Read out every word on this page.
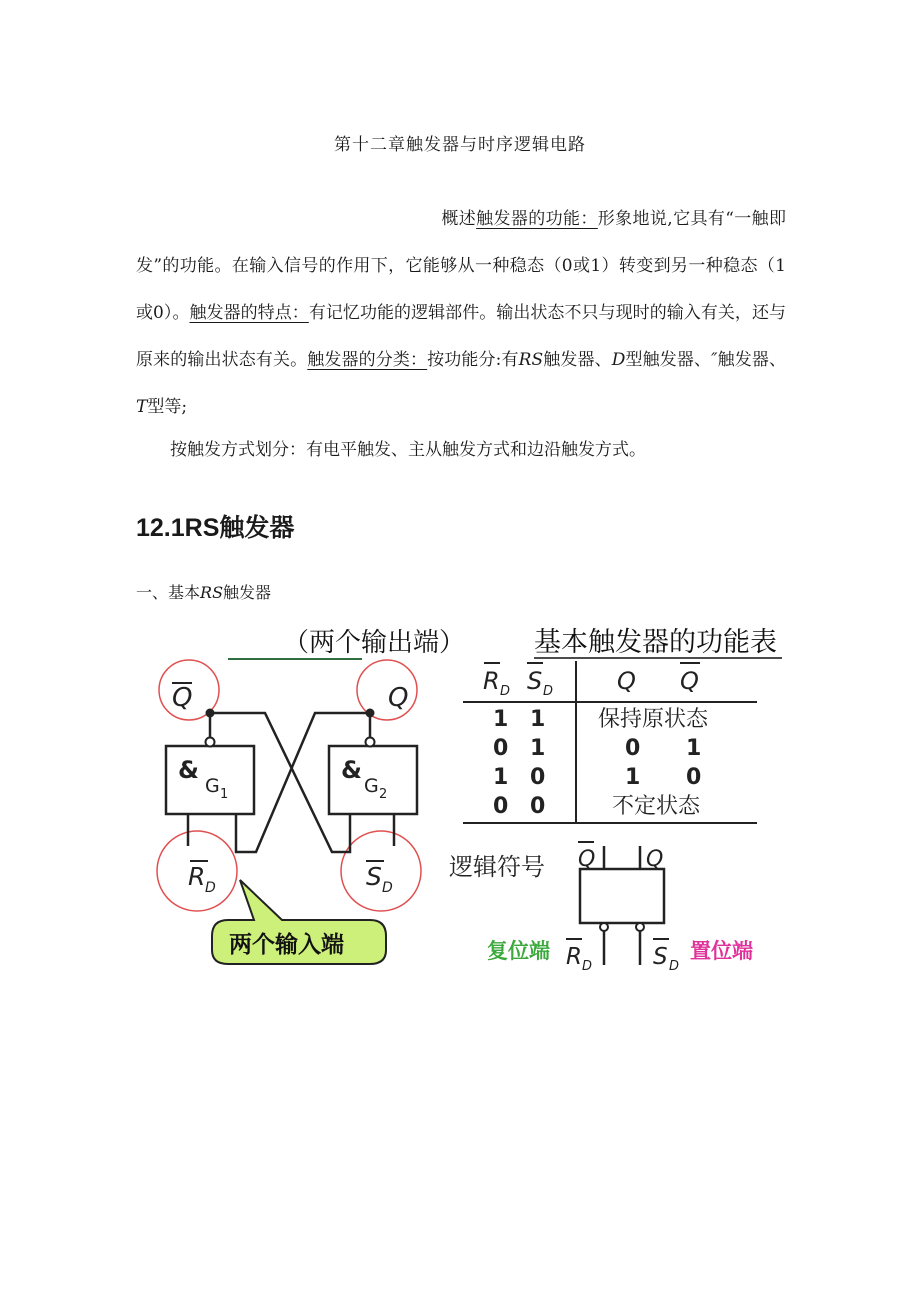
第十二章触发器与时序逻辑电路
概述触发器的功能：形象地说,它具有“一触即发”的功能。在输入信号的作用下，它能够从一种稳态（0或1）转变到另一种稳态（1或0）。触发器的特点：有记忆功能的逻辑部件。输出状态不只与现时的输入有关，还与原来的输出状态有关。触发器的分类：按功能分:有RS触发器、D型触发器、″触发器、T型等;
按触发方式划分：有电平触发、主从触发方式和边沿触发方式。
12.1RS触发器
一、基本RS触发器
（两个输出端）	基本触发器的功能表
Q	Q
&
G 1
&
G 2
R D	S D
两个输入端
R D S D	Q Q
1 1 保持原状态
0 1	0 1
1 0	1 0
0 0	不定状态
逻辑符号 Q Q
复位端 R D	S D
置位端
